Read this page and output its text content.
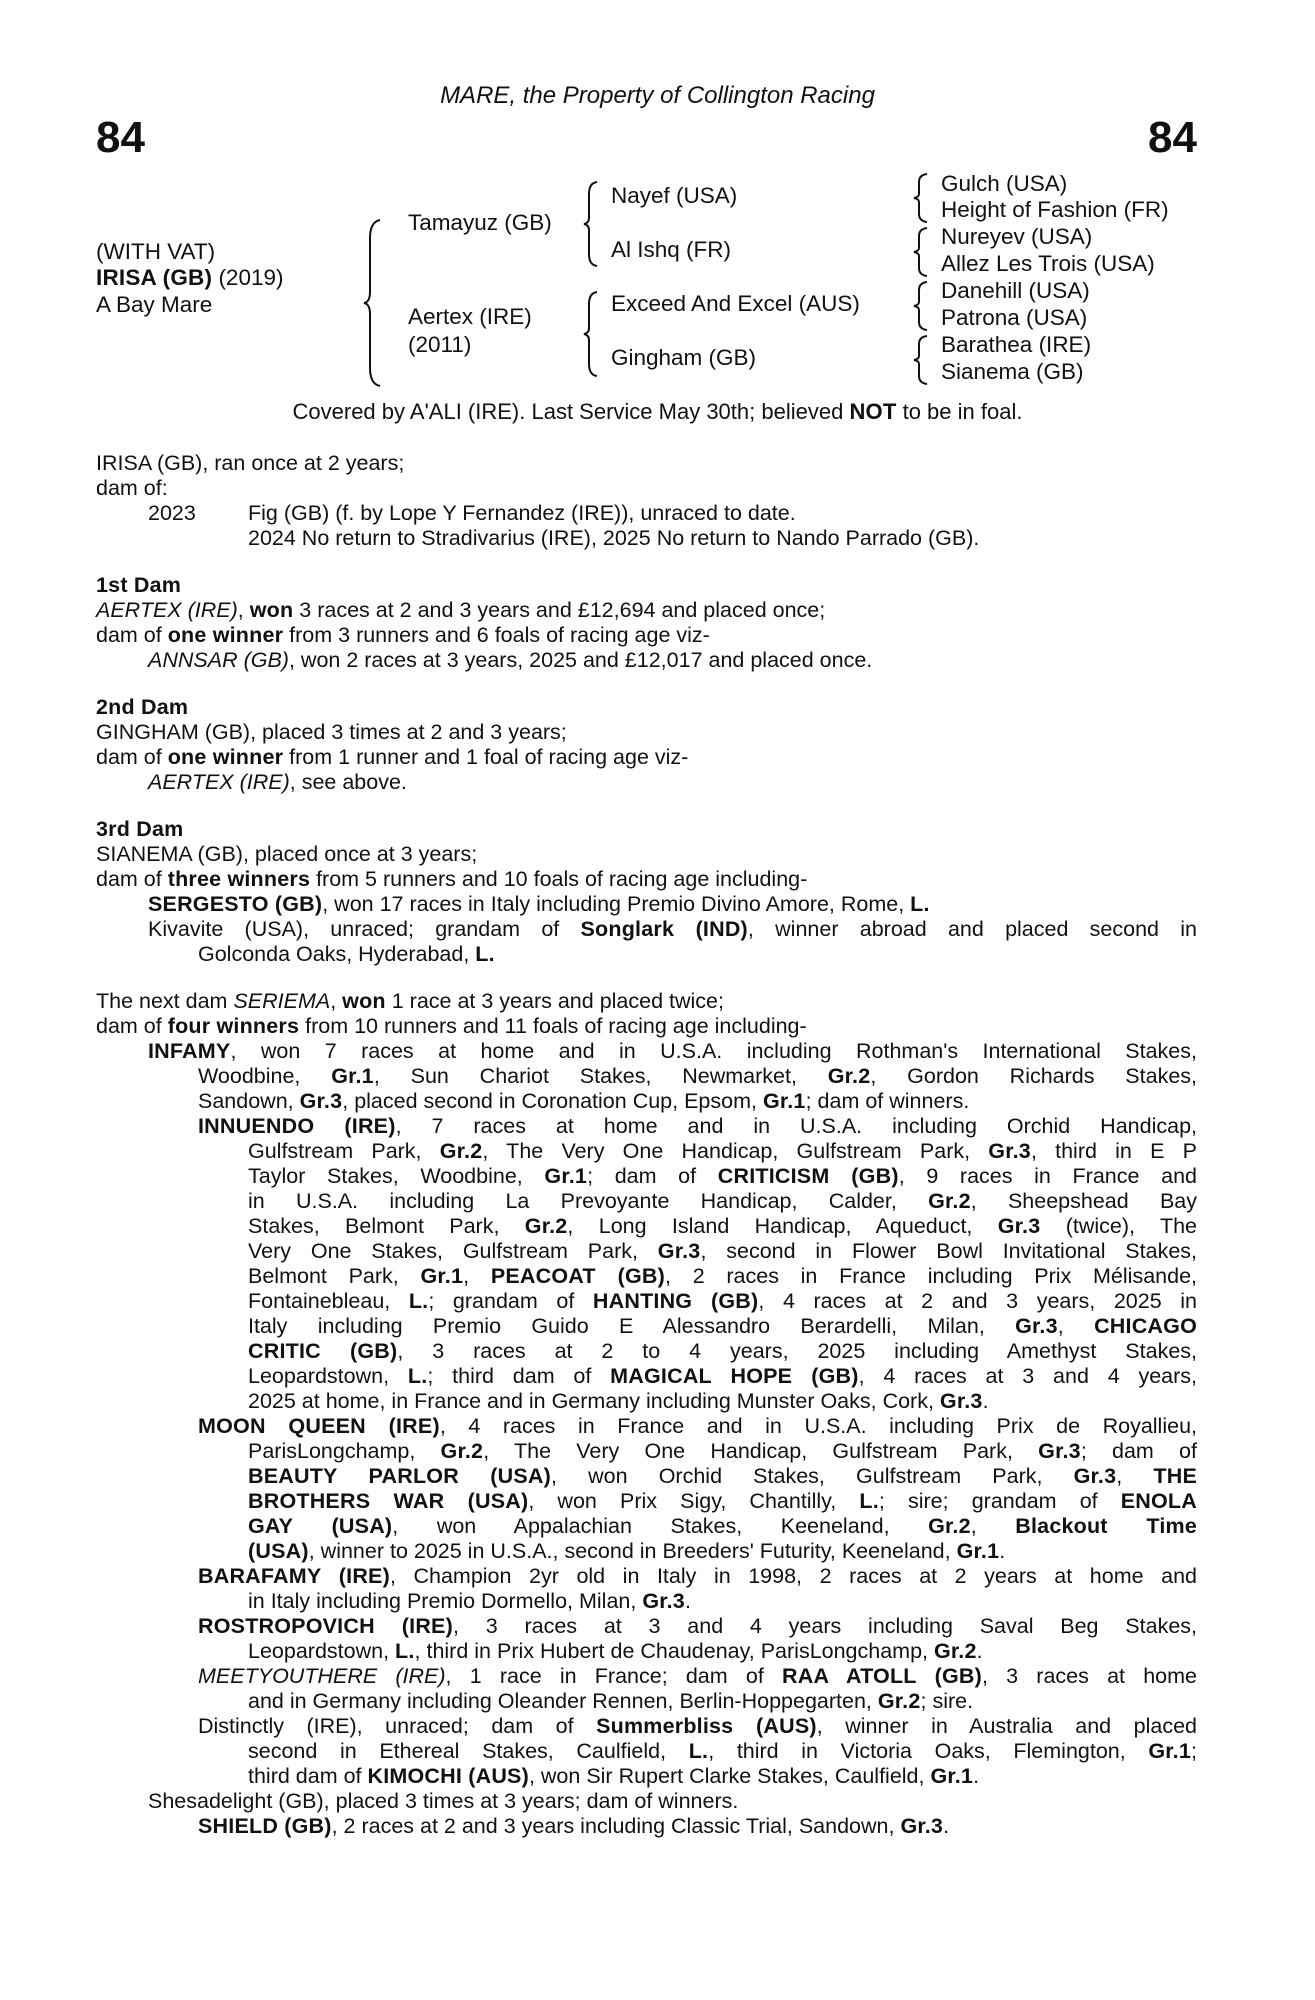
MARE, the Property of Collington Racing
84	84
(WITH VAT)
IRISA (GB) (2019)
A Bay Mare
Tamayuz (GB)
Aertex (IRE)
(2011)
Nayef (USA)
Al Ishq (FR)
Exceed And Excel (AUS)
Gingham (GB)
Gulch (USA)
Height of Fashion (FR)
Nureyev (USA)
Allez Les Trois (USA)
Danehill (USA)
Patrona (USA)
Barathea (IRE)
Sianema (GB)
Covered by A'ALI (IRE). Last Service May 30th; believed NOT to be in foal.
IRISA (GB), ran once at 2 years;
dam of:
2023 Fig (GB) (f. by Lope Y Fernandez (IRE)), unraced to date.
2024 No return to Stradivarius (IRE), 2025 No return to Nando Parrado (GB).
1st Dam
AERTEX (IRE), won 3 races at 2 and 3 years and £12,694 and placed once;
dam of one winner from 3 runners and 6 foals of racing age viz-
ANNSAR (GB), won 2 races at 3 years, 2025 and £12,017 and placed once.
2nd Dam
GINGHAM (GB), placed 3 times at 2 and 3 years;
dam of one winner from 1 runner and 1 foal of racing age viz-
AERTEX (IRE), see above.
3rd Dam
SIANEMA (GB), placed once at 3 years;
dam of three winners from 5 runners and 10 foals of racing age including-
SERGESTO (GB), won 17 races in Italy including Premio Divino Amore, Rome, L.
Kivavite (USA), unraced; grandam of Songlark (IND), winner abroad and placed second in
Golconda Oaks, Hyderabad, L.
The next dam SERIEMA, won 1 race at 3 years and placed twice;
dam of four winners from 10 runners and 11 foals of racing age including-
INFAMY, won 7 races at home and in U.S.A. including Rothman's International Stakes,
Woodbine, Gr.1, Sun Chariot Stakes, Newmarket, Gr.2, Gordon Richards Stakes,
Sandown, Gr.3, placed second in Coronation Cup, Epsom, Gr.1; dam of winners.
INNUENDO (IRE), 7 races at home and in U.S.A. including Orchid Handicap,
Gulfstream Park, Gr.2, The Very One Handicap, Gulfstream Park, Gr.3, third in E P
Taylor Stakes, Woodbine, Gr.1; dam of CRITICISM (GB), 9 races in France and
in U.S.A. including La Prevoyante Handicap, Calder, Gr.2, Sheepshead Bay
Stakes, Belmont Park, Gr.2, Long Island Handicap, Aqueduct, Gr.3 (twice), The
Very One Stakes, Gulfstream Park, Gr.3, second in Flower Bowl Invitational Stakes,
Belmont Park, Gr.1, PEACOAT (GB), 2 races in France including Prix Mélisande,
Fontainebleau, L.; grandam of HANTING (GB), 4 races at 2 and 3 years, 2025 in
Italy including Premio Guido E Alessandro Berardelli, Milan, Gr.3, CHICAGO
CRITIC (GB), 3 races at 2 to 4 years, 2025 including Amethyst Stakes,
Leopardstown, L.; third dam of MAGICAL HOPE (GB), 4 races at 3 and 4 years,
2025 at home, in France and in Germany including Munster Oaks, Cork, Gr.3.
MOON QUEEN (IRE), 4 races in France and in U.S.A. including Prix de Royallieu,
ParisLongchamp, Gr.2, The Very One Handicap, Gulfstream Park, Gr.3; dam of
BEAUTY PARLOR (USA), won Orchid Stakes, Gulfstream Park, Gr.3, THE
BROTHERS WAR (USA), won Prix Sigy, Chantilly, L.; sire; grandam of ENOLA
GAY (USA), won Appalachian Stakes, Keeneland, Gr.2, Blackout Time
(USA), winner to 2025 in U.S.A., second in Breeders' Futurity, Keeneland, Gr.1.
BARAFAMY (IRE), Champion 2yr old in Italy in 1998, 2 races at 2 years at home and
in Italy including Premio Dormello, Milan, Gr.3.
ROSTROPOVICH (IRE), 3 races at 3 and 4 years including Saval Beg Stakes,
Leopardstown, L., third in Prix Hubert de Chaudenay, ParisLongchamp, Gr.2.
MEETYOUTHERE (IRE), 1 race in France; dam of RAA ATOLL (GB), 3 races at home
and in Germany including Oleander Rennen, Berlin-Hoppegarten, Gr.2; sire.
Distinctly (IRE), unraced; dam of Summerbliss (AUS), winner in Australia and placed
second in Ethereal Stakes, Caulfield, L., third in Victoria Oaks, Flemington, Gr.1;
third dam of KIMOCHI (AUS), won Sir Rupert Clarke Stakes, Caulfield, Gr.1.
Shesadelight (GB), placed 3 times at 3 years; dam of winners.
SHIELD (GB), 2 races at 2 and 3 years including Classic Trial, Sandown, Gr.3.
